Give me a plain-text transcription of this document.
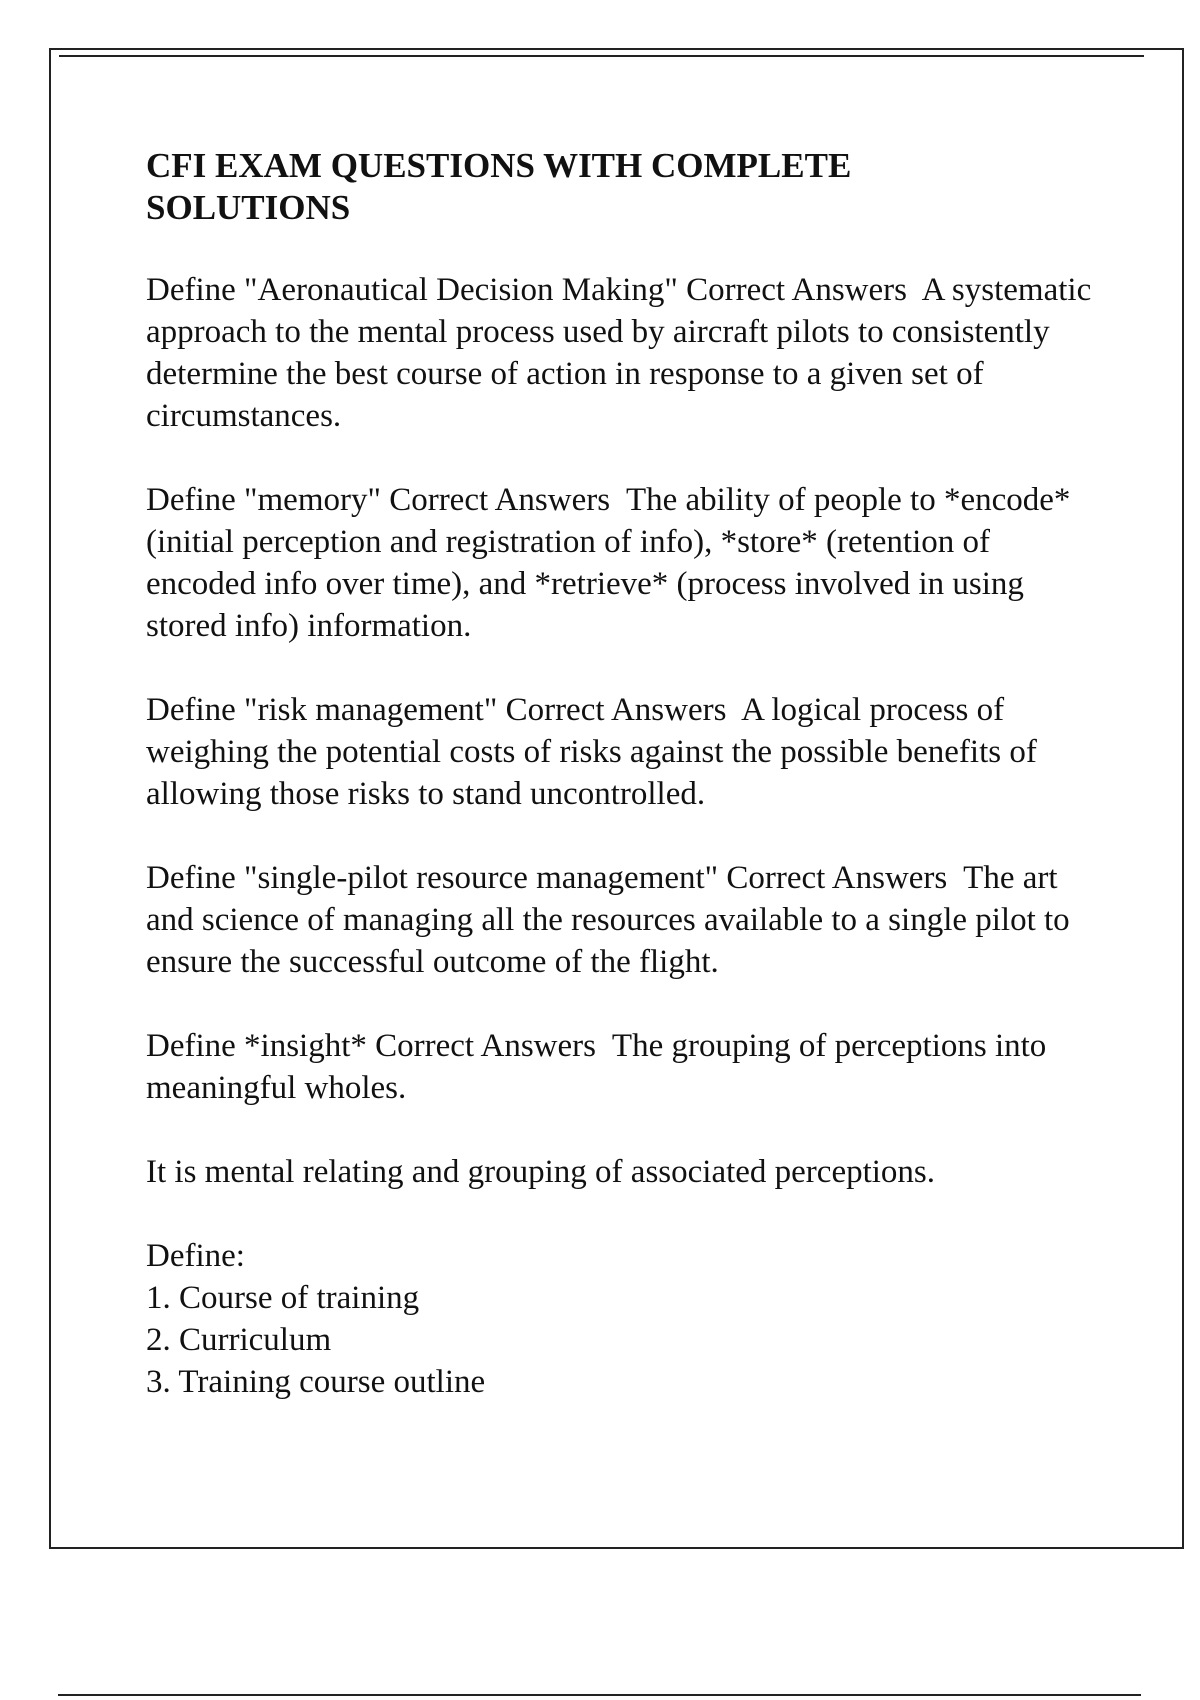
CFI EXAM QUESTIONS WITH COMPLETE SOLUTIONS

Define "Aeronautical Decision Making" Correct Answers A systematic approach to the mental process used by aircraft pilots to consistently determine the best course of action in response to a given set of circumstances.

Define "memory" Correct Answers The ability of people to *encode* (initial perception and registration of info), *store* (retention of encoded info over time), and *retrieve* (process involved in using stored info) information.

Define "risk management" Correct Answers A logical process of weighing the potential costs of risks against the possible benefits of allowing those risks to stand uncontrolled.

Define "single-pilot resource management" Correct Answers The art and science of managing all the resources available to a single pilot to ensure the successful outcome of the flight.

Define *insight* Correct Answers The grouping of perceptions into meaningful wholes.

It is mental relating and grouping of associated perceptions.

Define:
1. Course of training
2. Curriculum
3. Training course outline
